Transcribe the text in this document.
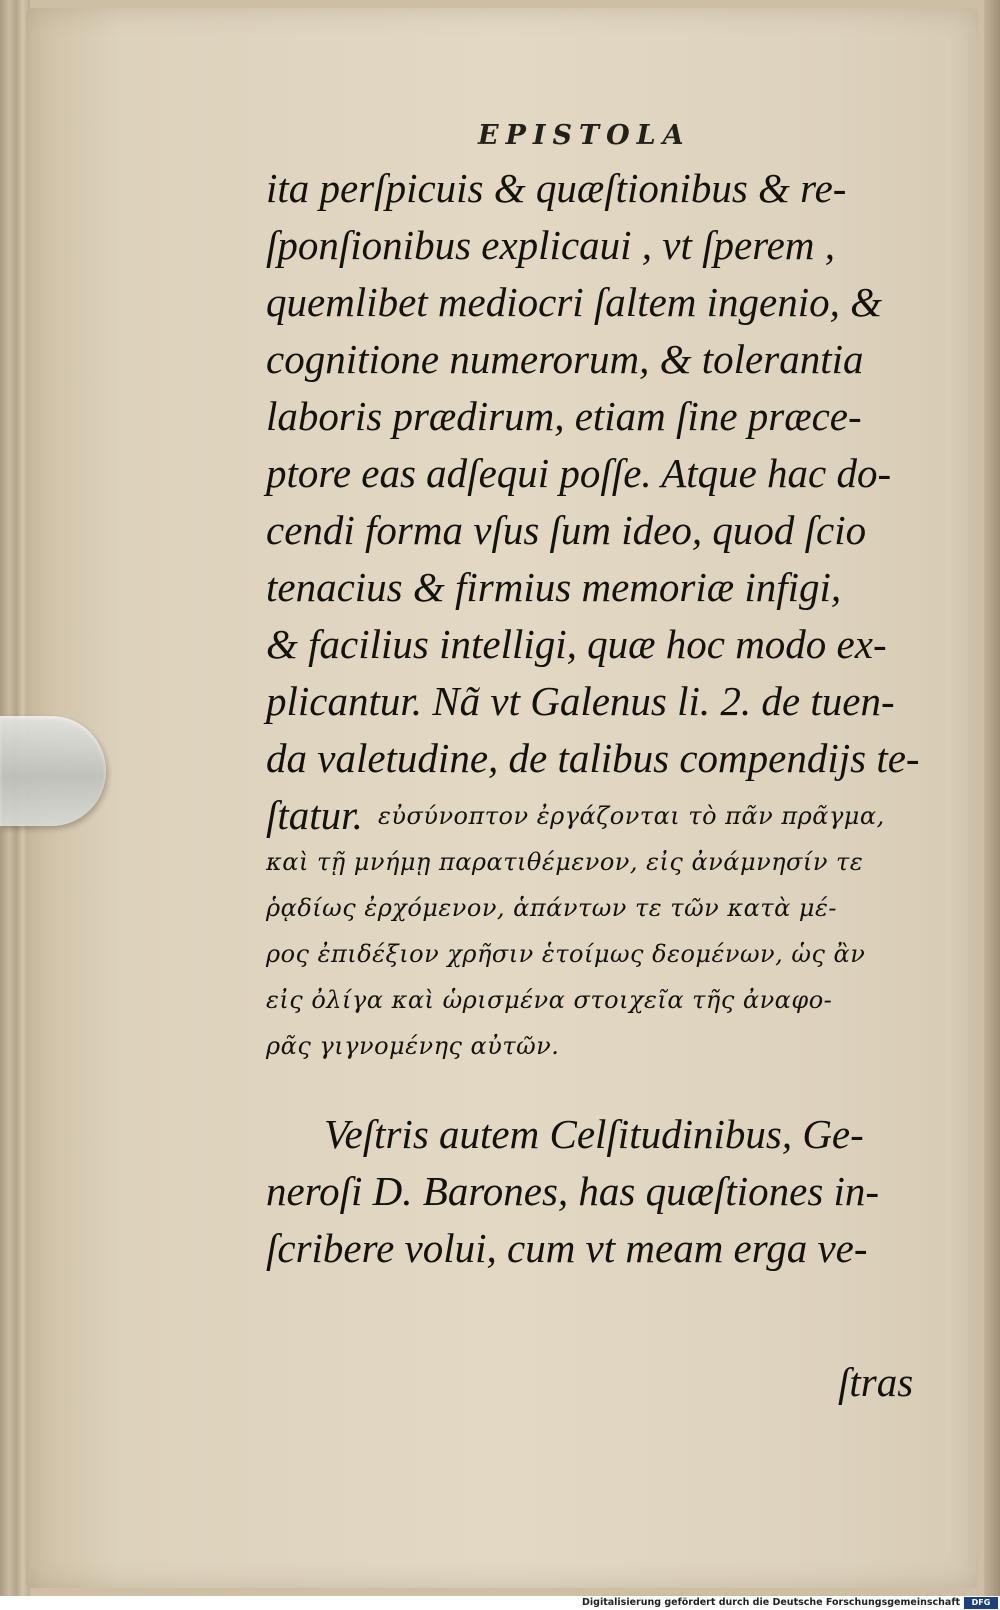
EPISTOLA
ita perſpicuis & quæſtionibus & re-
ſponſionibus explicaui , vt ſperem ,
quemlibet mediocri ſaltem ingenio, &
cognitione numerorum, & tolerantia
laboris prædirum, etiam ſine præce-
ptore eas adſequi poſſe. Atque hac do-
cendi forma vſus ſum ideo, quod ſcio
tenacius & firmius memoriæ infigi,
& facilius intelligi, quæ hoc modo ex-
plicantur. Nã vt Galenus li. 2. de tuen-
da valetudine, de talibus compendijs te-
ſtatur. εὐσύνοπτον ἐργάζονται τὸ πᾶν πρᾶγμα,
καὶ τῇ μνήμῃ παρατιθέμενον, εἰς ἀνάμνησίν τε
ῥᾳδίως ἐρχόμενον, ἁπάντων τε τῶν κατὰ μέ-
ρος ἐπιδέξιον χρῆσιν ἑτοίμως δεομένων, ὡς ἂν
εἰς ὀλίγα καὶ ὡρισμένα στοιχεῖα τῆς ἀναφο-
ρᾶς γιγνομένης αὐτῶν.
Veſtris autem Celſitudinibus, Ge-
neroſi D. Barones, has quæſtiones in-
ſcribere volui, cum vt meam erga ve-
ſtras
Digitalisierung gefördert durch die Deutsche Forschungsgemeinschaft	DFG
